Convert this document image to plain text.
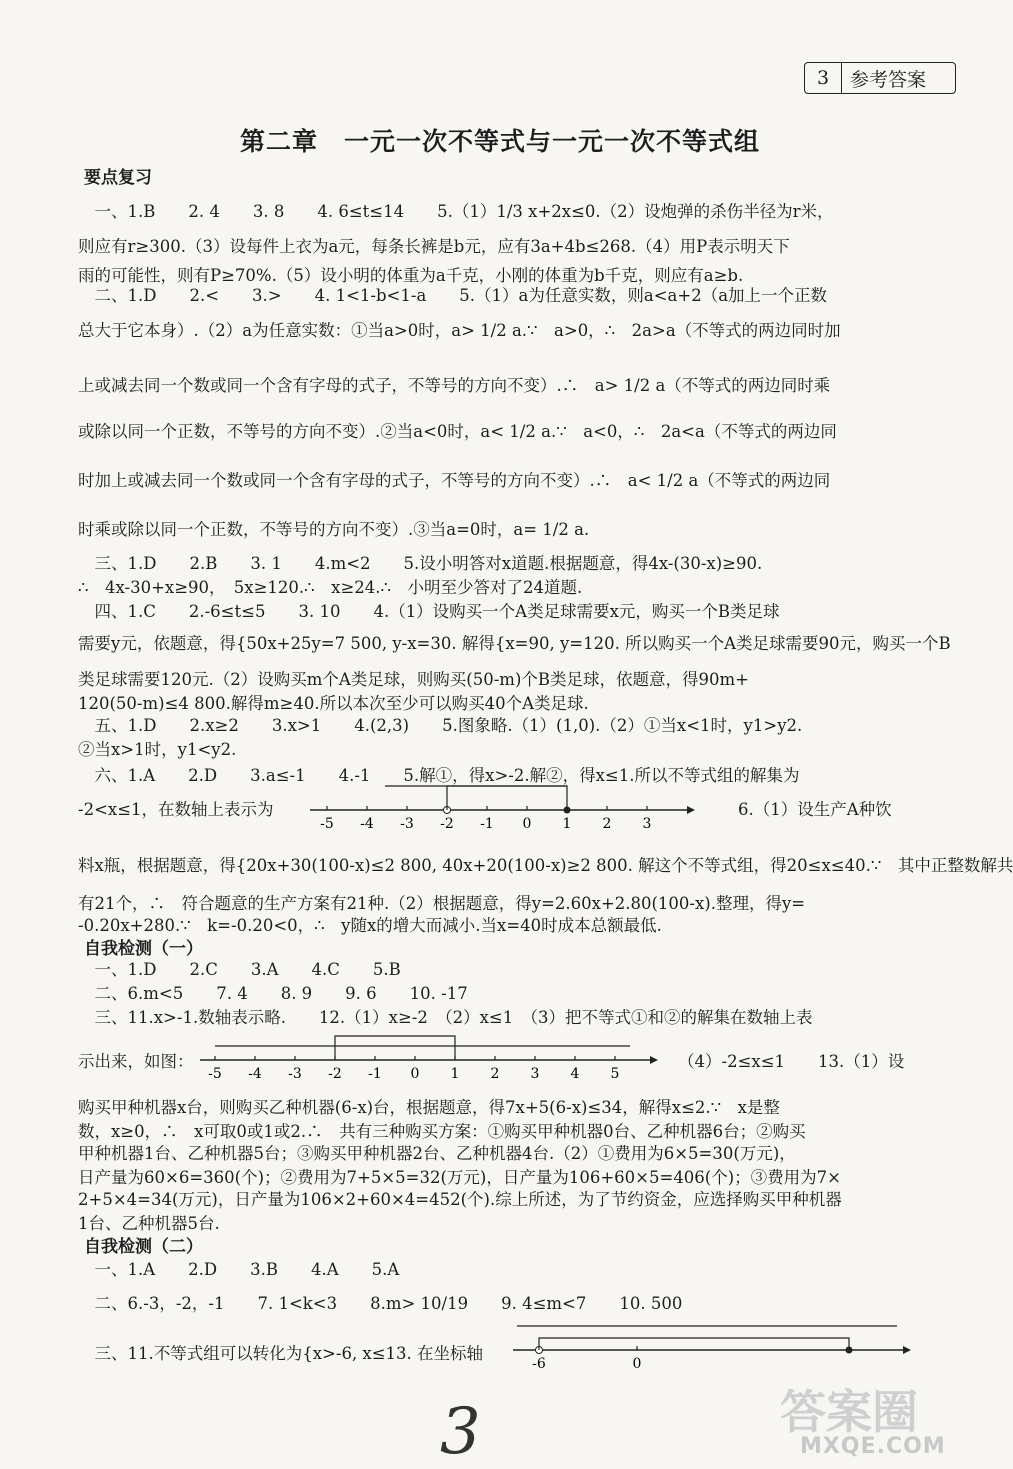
3	参考答案
第二章　一元一次不等式与一元一次不等式组
要点复习
　一、1.B　　2. 4　　3. 8　　4. 6≤t≤14　　5.（1）1/3 x+2x≤0.（2）设炮弹的杀伤半径为r米，
则应有r≥300.（3）设每件上衣为a元，每条长裤是b元，应有3a+4b≤268.（4）用P表示明天下
雨的可能性，则有P≥70%.（5）设小明的体重为a千克，小刚的体重为b千克，则应有a≥b.
　二、1.D　　2.<　　3.>　　4. 1<1-b<1-a　　5.（1）a为任意实数，则a<a+2（a加上一个正数
总大于它本身）.（2）a为任意实数：①当a>0时，a> 1/2 a.∵　a>0，∴　2a>a（不等式的两边同时加
上或减去同一个数或同一个含有字母的式子，不等号的方向不变）.∴　a> 1/2 a（不等式的两边同时乘
或除以同一个正数，不等号的方向不变）.②当a<0时，a< 1/2 a.∵　a<0，∴　2a<a（不等式的两边同
时加上或减去同一个数或同一个含有字母的式子，不等号的方向不变）.∴　a< 1/2 a（不等式的两边同
时乘或除以同一个正数，不等号的方向不变）.③当a=0时，a= 1/2 a.
　三、1.D　　2.B　　3. 1　　4.m<2　　5.设小明答对x道题.根据题意，得4x-(30-x)≥90.
∴　4x-30+x≥90，　5x≥120.∴　x≥24.∴　小明至少答对了24道题.
　四、1.C　　2.-6≤t≤5　　3. 10　　4.（1）设购买一个A类足球需要x元，购买一个B类足球
需要y元，依题意，得{50x+25y=7 500, y-x=30. 解得{x=90, y=120. 所以购买一个A类足球需要90元，购买一个B
类足球需要120元.（2）设购买m个A类足球，则购买(50-m)个B类足球，依题意，得90m+
120(50-m)≤4 800.解得m≥40.所以本次至少可以购买40个A类足球.
　五、1.D　　2.x≥2　　3.x>1　　4.(2,3)　　5.图象略.（1）(1,0).（2）①当x<1时，y1>y2.
②当x>1时，y1<y2.
　六、1.A　　2.D　　3.a≤-1　　4.-1　　5.解①，得x>-2.解②，得x≤1.所以不等式组的解集为
-2<x≤1，在数轴上表示为
-5 -4 -3 -2 -1 0 1 2 3
6.（1）设生产A种饮
料x瓶，根据题意，得{20x+30(100-x)≤2 800, 40x+20(100-x)≥2 800. 解这个不等式组，得20≤x≤40.∵　其中正整数解共
有21个，∴　符合题意的生产方案有21种.（2）根据题意，得y=2.60x+2.80(100-x).整理，得y=
-0.20x+280.∵　k=-0.20<0，∴　y随x的增大而减小.当x=40时成本总额最低.
自我检测（一）
　一、1.D　　2.C　　3.A　　4.C　　5.B
　二、6.m<5　　7. 4　　8. 9　　9. 6　　10. -17
　三、11.x>-1.数轴表示略.　　12.（1）x≥-2　（2）x≤1　（3）把不等式①和②的解集在数轴上表
示出来，如图：
-5 -4 -3 -2 -1 0 1 2 3 4 5
（4）-2≤x≤1　　13.（1）设
购买甲种机器x台，则购买乙种机器(6-x)台，根据题意，得7x+5(6-x)≤34，解得x≤2.∵　x是整
数，x≥0，∴　x可取0或1或2.∴　共有三种购买方案：①购买甲种机器0台、乙种机器6台；②购买
甲种机器1台、乙种机器5台；③购买甲种机器2台、乙种机器4台.（2）①费用为6×5=30(万元)，
日产量为60×6=360(个)；②费用为7+5×5=32(万元)，日产量为106+60×5=406(个)；③费用为7×
2+5×4=34(万元)，日产量为106×2+60×4=452(个).综上所述，为了节约资金，应选择购买甲种机器
1台、乙种机器5台.
自我检测（二）
　一、1.A　　2.D　　3.B　　4.A　　5.A
　二、6.-3，-2，-1　　7. 1<k<3　　8.m> 10/19　　9. 4≤m<7　　10. 500
　三、11.不等式组可以转化为{x>-6, x≤13. 在坐标轴
-6	0
3	答案圈
MXQE.COM
